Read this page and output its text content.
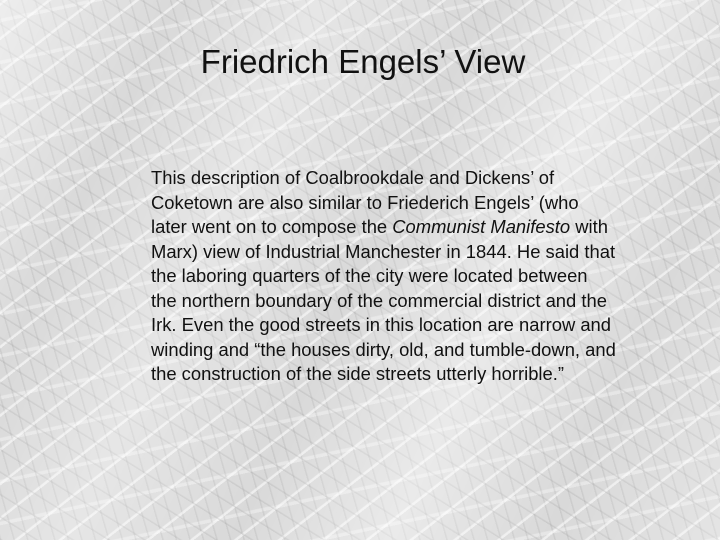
Friedrich Engels’ View

This description of Coalbrookdale and Dickens’ of Coketown are also similar to Friederich Engels’ (who later went on to compose the Communist Manifesto with Marx) view of Industrial Manchester in 1844. He said that the laboring quarters of the city were located between the northern boundary of the commercial district and the Irk. Even the good streets in this location are narrow and winding and “the houses dirty, old, and tumble-down, and the construction of the side streets utterly horrible.”
